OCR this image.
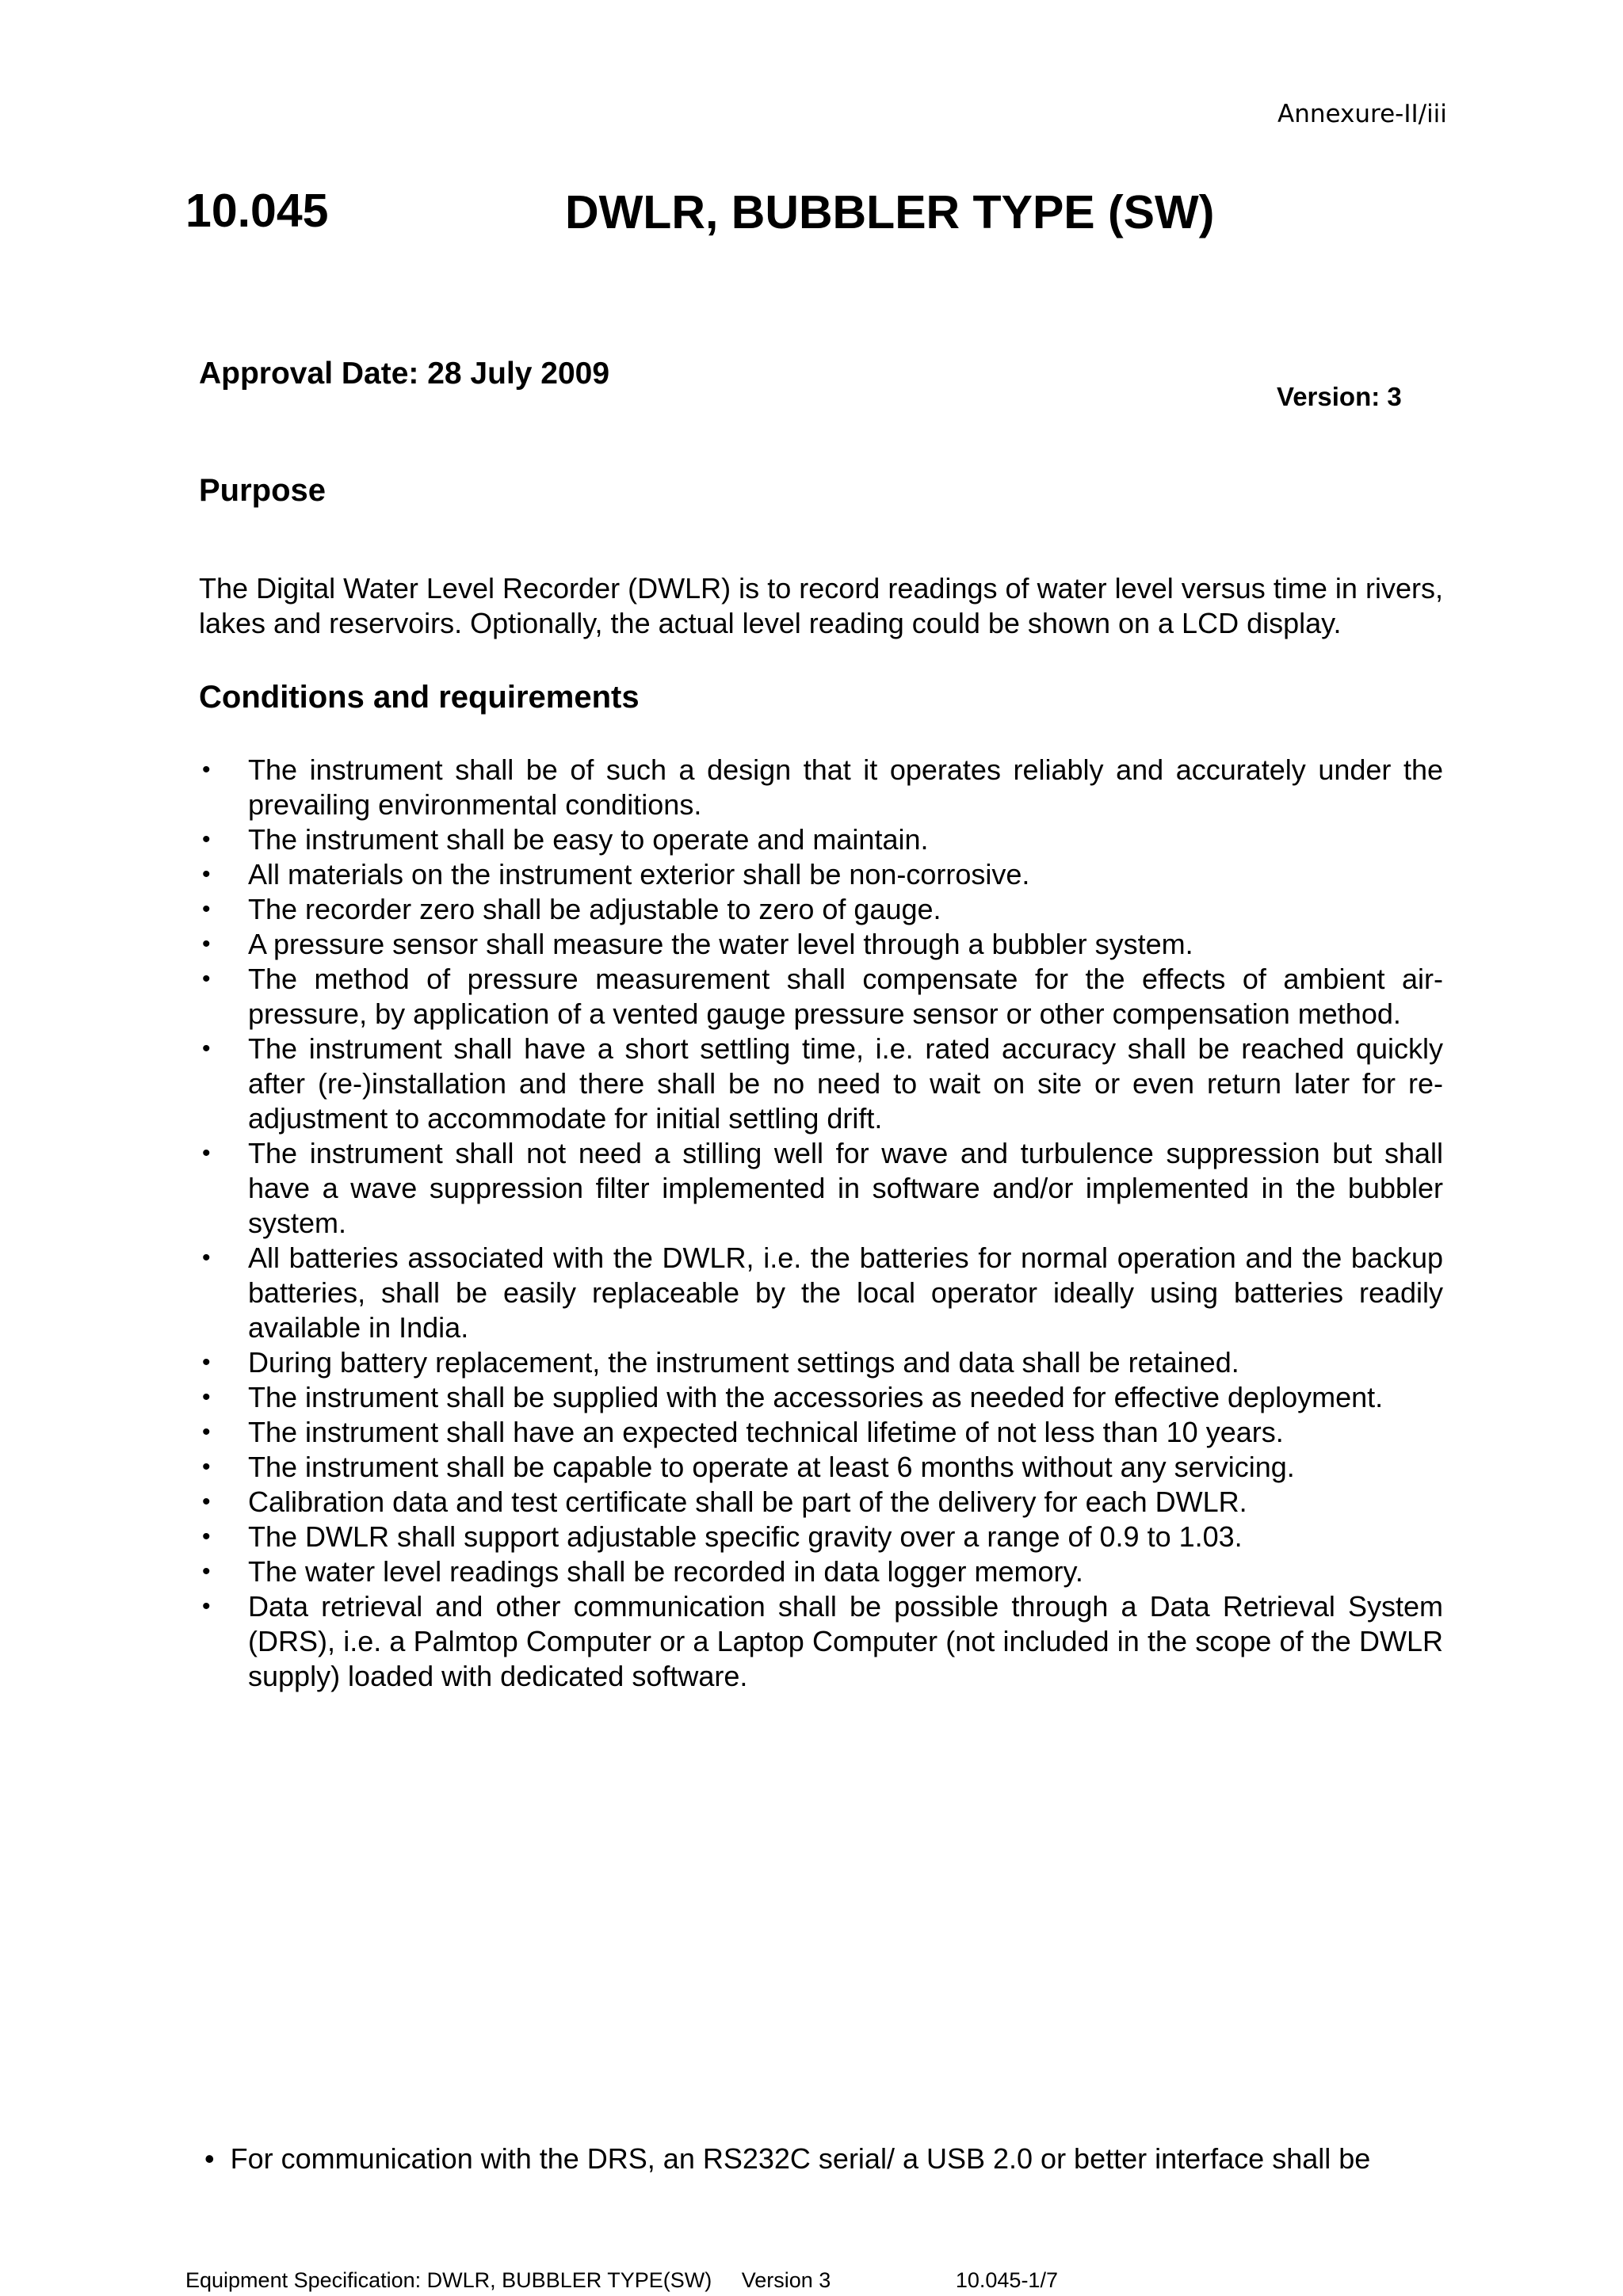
Annexure-II/iii
10.045	DWLR, BUBBLER TYPE (SW)
Approval Date: 28 July 2009
Version: 3
Purpose

The Digital Water Level Recorder (DWLR) is to record readings of water level versus time in rivers, lakes and reservoirs. Optionally, the actual level reading could be shown on a LCD display.

Conditions and requirements
• The instrument shall be of such a design that it operates reliably and accurately under the prevailing environmental conditions.
• The instrument shall be easy to operate and maintain.
• All materials on the instrument exterior shall be non-corrosive.
• The recorder zero shall be adjustable to zero of gauge.
• A pressure sensor shall measure the water level through a bubbler system.
• The method of pressure measurement shall compensate for the effects of ambient air- pressure, by application of a vented gauge pressure sensor or other compensation method.
• The instrument shall have a short settling time, i.e. rated accuracy shall be reached quickly after (re-)installation and there shall be no need to wait on site or even return later for re- adjustment to accommodate for initial settling drift.
• The instrument shall not need a stilling well for wave and turbulence suppression but shall have a wave suppression filter implemented in software and/or implemented in the bubbler system.
• All batteries associated with the DWLR, i.e. the batteries for normal operation and the backup batteries, shall be easily replaceable by the local operator ideally using batteries readily available in India.
• During battery replacement, the instrument settings and data shall be retained.
• The instrument shall be supplied with the accessories as needed for effective deployment.
• The instrument shall have an expected technical lifetime of not less than 10 years.
• The instrument shall be capable to operate at least 6 months without any servicing.
• Calibration data and test certificate shall be part of the delivery for each DWLR.
• The DWLR shall support adjustable specific gravity over a range of 0.9 to 1.03.
• The water level readings shall be recorded in data logger memory.
• Data retrieval and other communication shall be possible through a Data Retrieval System (DRS), i.e. a Palmtop Computer or a Laptop Computer (not included in the scope of the DWLR supply) loaded with dedicated software.
•  For communication with the DRS, an RS232C serial/ a USB 2.0 or better interface shall be
Equipment Specification: DWLR, BUBBLER TYPE(SW) Version 3	10.045-1/7
